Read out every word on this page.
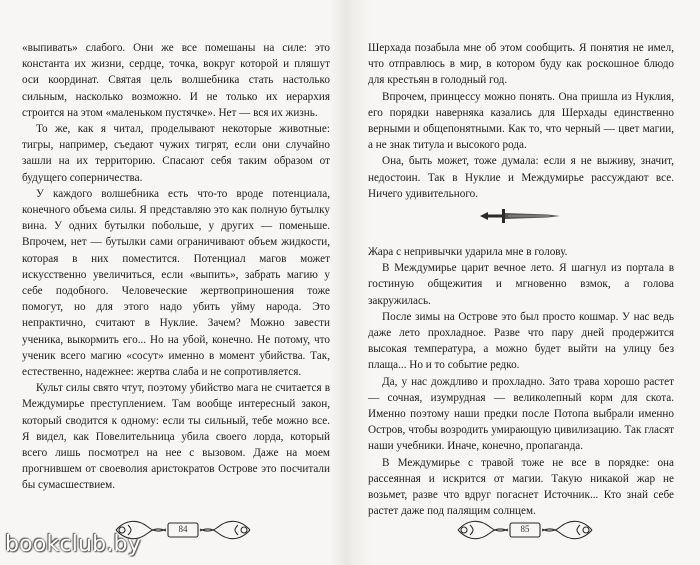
«выпивать» слабого. Они же все помешаны на силе: это константа их жизни, сердце, точка, вокруг которой и пляшут оси координат. Святая цель волшебника стать настолько сильным, насколько возможно. И не только их иерархия строится на этом «маленьком пустячке». Нет — вся их жизнь.

То же, как я читал, проделывают некоторые животные: тигры, например, съедают чужих тигрят, если они случайно зашли на их территорию. Спасают себя таким образом от будущего соперничества.

У каждого волшебника есть что-то вроде потенциала, конечного объема силы. Я представляю это как полную бутылку вина. У одних бутылки побольше, у других — поменьше. Впрочем, нет — бутылки сами ограничивают объем жидкости, которая в них поместится. Потенциал магов может искусственно увеличиться, если «выпить», забрать магию у себе подобного. Человеческие жертвоприношения тоже помогут, но для этого надо убить уйму народа. Это непрактично, считают в Нуклие. Зачем? Можно завести ученика, выкормить его... Но на убой, конечно. Не потому, что ученик всего магию «сосут» именно в момент убийства. Так, естественно, надежнее: жертва слаба и не сопротивляется.

Культ силы свято чтут, поэтому убийство мага не считается в Междумирье преступлением. Там вообще интересный закон, который сводится к одному: если ты сильный, тебе можно все. Я видел, как Повелительница убила своего лорда, который всего лишь посмотрел на нее с вызовом. Даже на моем прогнившем от своеволия аристократов Острове это посчитали бы сумасшествием.

84	85

Шерхада позабыла мне об этом сообщить. Я понятия не имел, что отправлюсь в мир, в котором буду как роскошное блюдо для крестьян в голодный год.

Впрочем, принцессу можно понять. Она пришла из Нуклия, его порядки наверняка казались для Шерхады единственно верными и общепонятными. Как то, что черный — цвет магии, а не знак титула и высокого рода.

Она, быть может, тоже думала: если я не выживу, значит, недостоин. Так в Нуклие и Междумирье рассуждают все. Ничего удивительного.

Жара с непривычки ударила мне в голову.

В Междумирье царит вечное лето. Я шагнул из портала в гостиную общежития и мгновенно взмок, а голова закружилась.

После зимы на Острове это был просто кошмар. У нас ведь даже лето прохладное. Разве что пару дней продержится высокая температура, а можно будет выйти на улицу без плаща... Но и то событие редко.

Да, у нас дождливо и прохладно. Зато трава хорошо растет — сочная, изумрудная — великолепный корм для скота. Именно поэтому наши предки после Потопа выбрали именно Остров, чтобы возродить умирающую цивилизацию. Так гласят наши учебники. Иначе, конечно, пропаганда.

В Междумирье с травой тоже не все в порядке: она рассеянная и искрится от магии. Такую никакой жар не возьмет, разве что вдруг погаснет Источник... Кто знай себе растет даже под палящим солнцем.

bookclub.by
